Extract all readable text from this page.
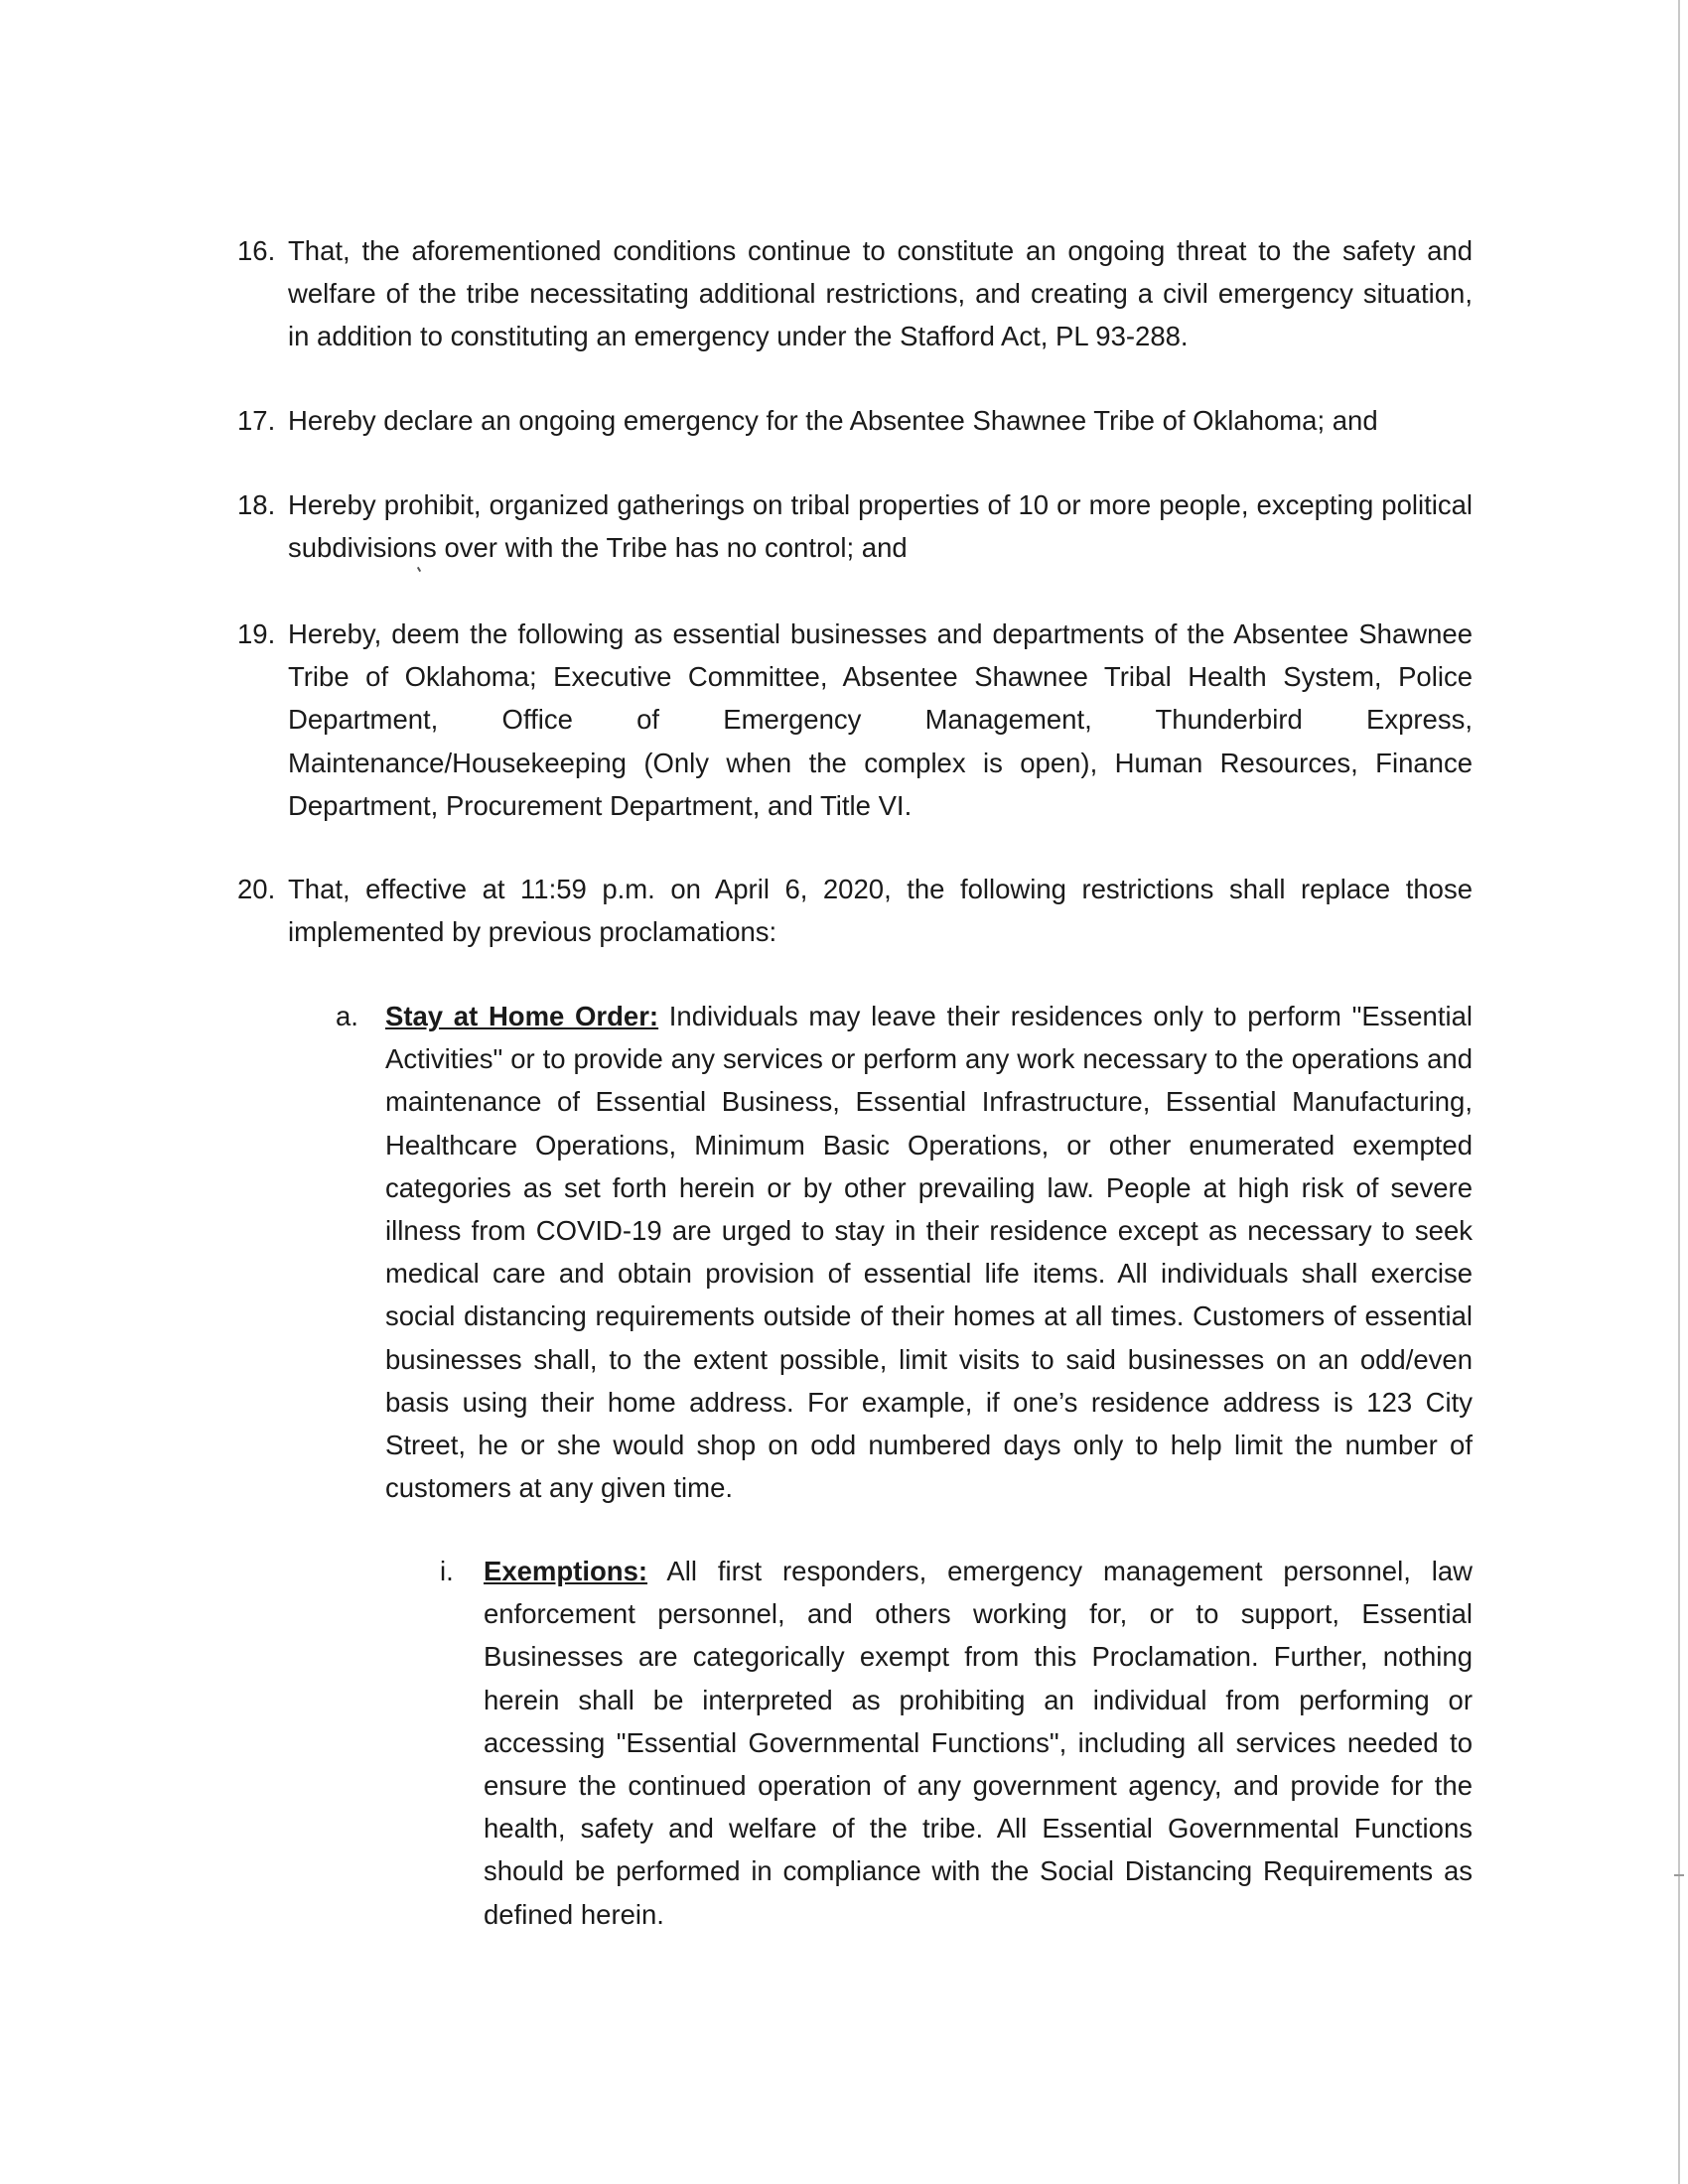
16. That, the aforementioned conditions continue to constitute an ongoing threat to the safety and welfare of the tribe necessitating additional restrictions, and creating a civil emergency situation, in addition to constituting an emergency under the Stafford Act, PL 93-288.
17. Hereby declare an ongoing emergency for the Absentee Shawnee Tribe of Oklahoma; and
18. Hereby prohibit, organized gatherings on tribal properties of 10 or more people, excepting political subdivisions over with the Tribe has no control; and
19. Hereby, deem the following as essential businesses and departments of the Absentee Shawnee Tribe of Oklahoma; Executive Committee, Absentee Shawnee Tribal Health System, Police Department, Office of Emergency Management, Thunderbird Express, Maintenance/Housekeeping (Only when the complex is open), Human Resources, Finance Department, Procurement Department, and Title VI.
20. That, effective at 11:59 p.m. on April 6, 2020, the following restrictions shall replace those implemented by previous proclamations:
a. Stay at Home Order: Individuals may leave their residences only to perform "Essential Activities" or to provide any services or perform any work necessary to the operations and maintenance of Essential Business, Essential Infrastructure, Essential Manufacturing, Healthcare Operations, Minimum Basic Operations, or other enumerated exempted categories as set forth herein or by other prevailing law. People at high risk of severe illness from COVID-19 are urged to stay in their residence except as necessary to seek medical care and obtain provision of essential life items. All individuals shall exercise social distancing requirements outside of their homes at all times. Customers of essential businesses shall, to the extent possible, limit visits to said businesses on an odd/even basis using their home address. For example, if one’s residence address is 123 City Street, he or she would shop on odd numbered days only to help limit the number of customers at any given time.
i. Exemptions: All first responders, emergency management personnel, law enforcement personnel, and others working for, or to support, Essential Businesses are categorically exempt from this Proclamation. Further, nothing herein shall be interpreted as prohibiting an individual from performing or accessing "Essential Governmental Functions", including all services needed to ensure the continued operation of any government agency, and provide for the health, safety and welfare of the tribe. All Essential Governmental Functions should be performed in compliance with the Social Distancing Requirements as defined herein.
